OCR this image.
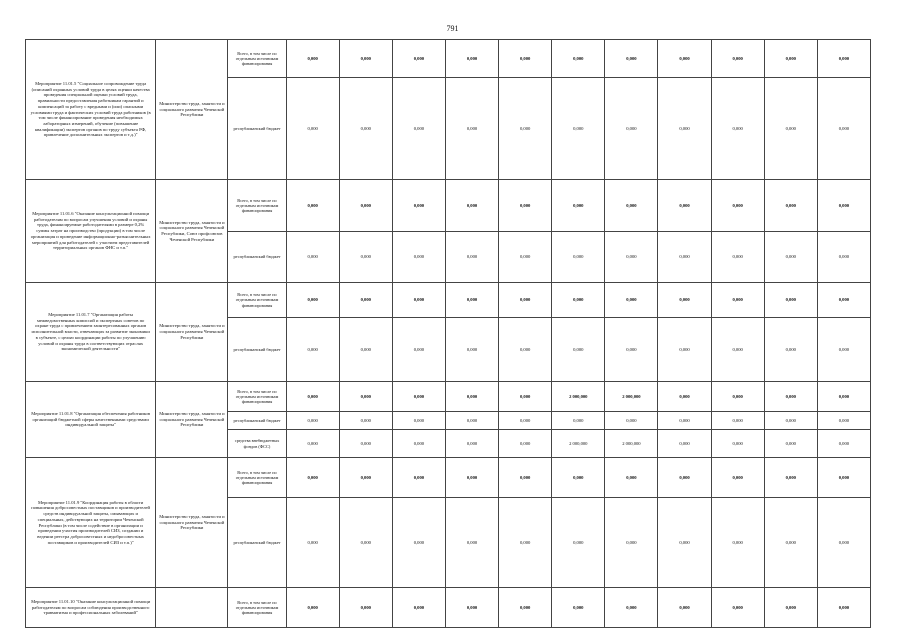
791
Мероприятие 11.01.5 "Социальное сопровождение труда (описаний охранных условий труда в целях оценки качества проведения специальной оценки условий труда, правильности предоставления работникам гарантий и компенсаций за работу с вредными и (или) опасными условиями труда и фактических условий труда работников (в том числе финансирование проведения необходимых лабораторных измерений, обучение (повышение квалификации) экспертов органов по труду субъекта РФ, привлечение дополнительных экспертов и т.д.)"	Министерство труда, занятости и социального развития Чеченской Республики	Всего, в том числе по отдельным источникам финансирования	0,000	0,000	0,000	0,000	0,000	0,000	0,000	0,000	0,000	0,000	0,000
		республиканский бюджет	0,000	0,000	0,000	0,000	0,000	0,000	0,000	0,000	0,000	0,000	0,000
Мероприятие 11.01.6 "Оказание консультационной помощи работодателям по вопросам улучшения условий и охраны труда, финансируемые работодателями в размере 0,2% суммы затрат на производство (продукции) в том числе организация и проведение информационно-разъяснительных мероприятий для работодателей с участием представителей территориальных органов ФНС и т.п."	Министерство труда, занятости и социального развития Чеченской Республики, Союз профсоюзов Чеченской Республики	Всего, в том числе по отдельным источникам финансирования	0,000	0,000	0,000	0,000	0,000	0,000	0,000	0,000	0,000	0,000	0,000
		республиканский бюджет	0,000	0,000	0,000	0,000	0,000	0,000	0,000	0,000	0,000	0,000	0,000
Мероприятие 11.01.7 "Организация работы межведомственных комиссий и экспертных советов по охране труда с привлечением заинтересованных органов исполнительной власти, отвечающих за развитие экономики в субъекте, с целью координации работы по улучшению условий и охраны труда в соответствующих отраслях экономической деятельности"	Министерство труда, занятости и социального развития Чеченской Республики	Всего, в том числе по отдельным источникам финансирования	0,000	0,000	0,000	0,000	0,000	0,000	0,000	0,000	0,000	0,000	0,000
		республиканский бюджет	0,000	0,000	0,000	0,000	0,000	0,000	0,000	0,000	0,000	0,000	0,000
Мероприятие 11.01.8 "Организация обеспечения работников организаций бюджетной сферы качественными средствами индивидуальной защиты"	Министерство труда, занятости и социального развития Чеченской Республики	Всего, в том числе по отдельным источникам финансирования	0,000	0,000	0,000	0,000	0,000	2 000,000	2 000,000	0,000	0,000	0,000	0,000
		республиканский бюджет	0,000	0,000	0,000	0,000	0,000	0,000	0,000	0,000	0,000	0,000	0,000
		средства внебюджетных фондов (ФСС)	0,000	0,000	0,000	0,000	0,000	2 000,000	2 000,000	0,000	0,000	0,000	0,000
Мероприятие 11.01.9 "Координация работы в области повышения добросовестных поставщиков и производителей средств индивидуальной защиты, смывающих и специальных, действующих на территории Чеченской Республики (в том числе содействие в организации и проведении участия производителей СИЗ, создании и ведении реестра добросовестных и недобросовестных поставщиков и производителей СИЗ и т.п.)"	Министерство труда, занятости и социального развития Чеченской Республики	Всего, в том числе по отдельным источникам финансирования	0,000	0,000	0,000	0,000	0,000	0,000	0,000	0,000	0,000	0,000	0,000
		республиканский бюджет	0,000	0,000	0,000	0,000	0,000	0,000	0,000	0,000	0,000	0,000	0,000
Мероприятие 11.01.10 "Оказание консультационной помощи работодателям по вопросам соблюдения производственного травматизма и профессиональных заболеваний"		Всего, в том числе по отдельным источникам финансирования	0,000	0,000	0,000	0,000	0,000	0,000	0,000	0,000	0,000	0,000	0,000
